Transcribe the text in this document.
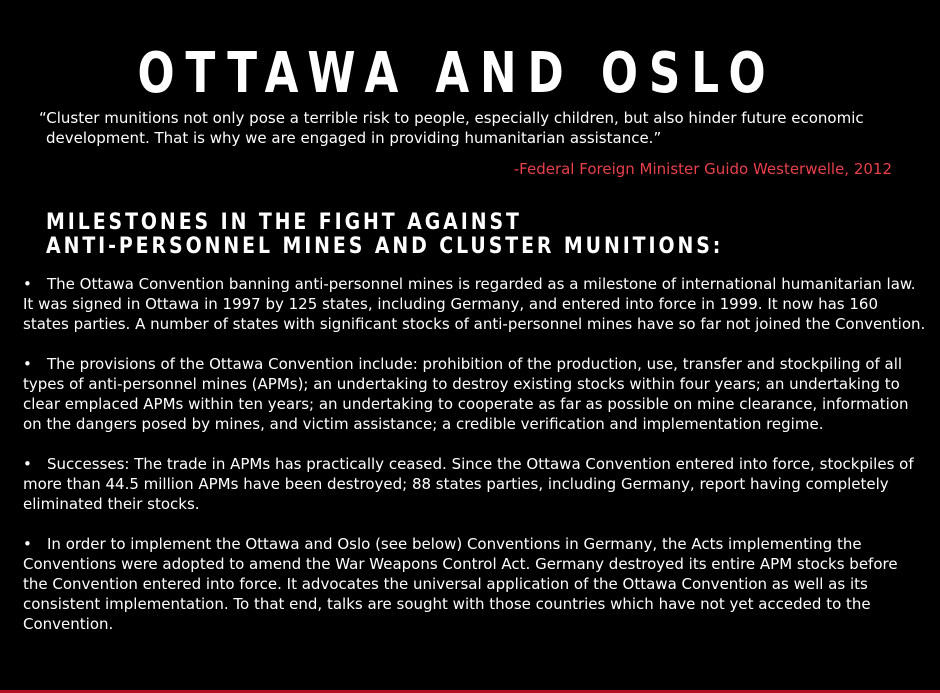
OTTAWA AND OSLO
“Cluster munitions not only pose a terrible risk to people, especially children, but also hinder future economic
development. That is why we are engaged in providing humanitarian assistance.”
-Federal Foreign Minister Guido Westerwelle, 2012
MILESTONES IN THE FIGHT AGAINST
ANTI-PERSONNEL MINES AND CLUSTER MUNITIONS:
• The Ottawa Convention banning anti-personnel mines is regarded as a milestone of international humanitarian law.
It was signed in Ottawa in 1997 by 125 states, including Germany, and entered into force in 1999. It now has 160
states parties. A number of states with significant stocks of anti-personnel mines have so far not joined the Convention.
• The provisions of the Ottawa Convention include: prohibition of the production, use, transfer and stockpiling of all
types of anti-personnel mines (APMs); an undertaking to destroy existing stocks within four years; an undertaking to
clear emplaced APMs within ten years; an undertaking to cooperate as far as possible on mine clearance, information
on the dangers posed by mines, and victim assistance; a credible verification and implementation regime.
• Successes: The trade in APMs has practically ceased. Since the Ottawa Convention entered into force, stockpiles of
more than 44.5 million APMs have been destroyed; 88 states parties, including Germany, report having completely
eliminated their stocks.
• In order to implement the Ottawa and Oslo (see below) Conventions in Germany, the Acts implementing the
Conventions were adopted to amend the War Weapons Control Act. Germany destroyed its entire APM stocks before
the Convention entered into force. It advocates the universal application of the Ottawa Convention as well as its
consistent implementation. To that end, talks are sought with those countries which have not yet acceded to the
Convention.
